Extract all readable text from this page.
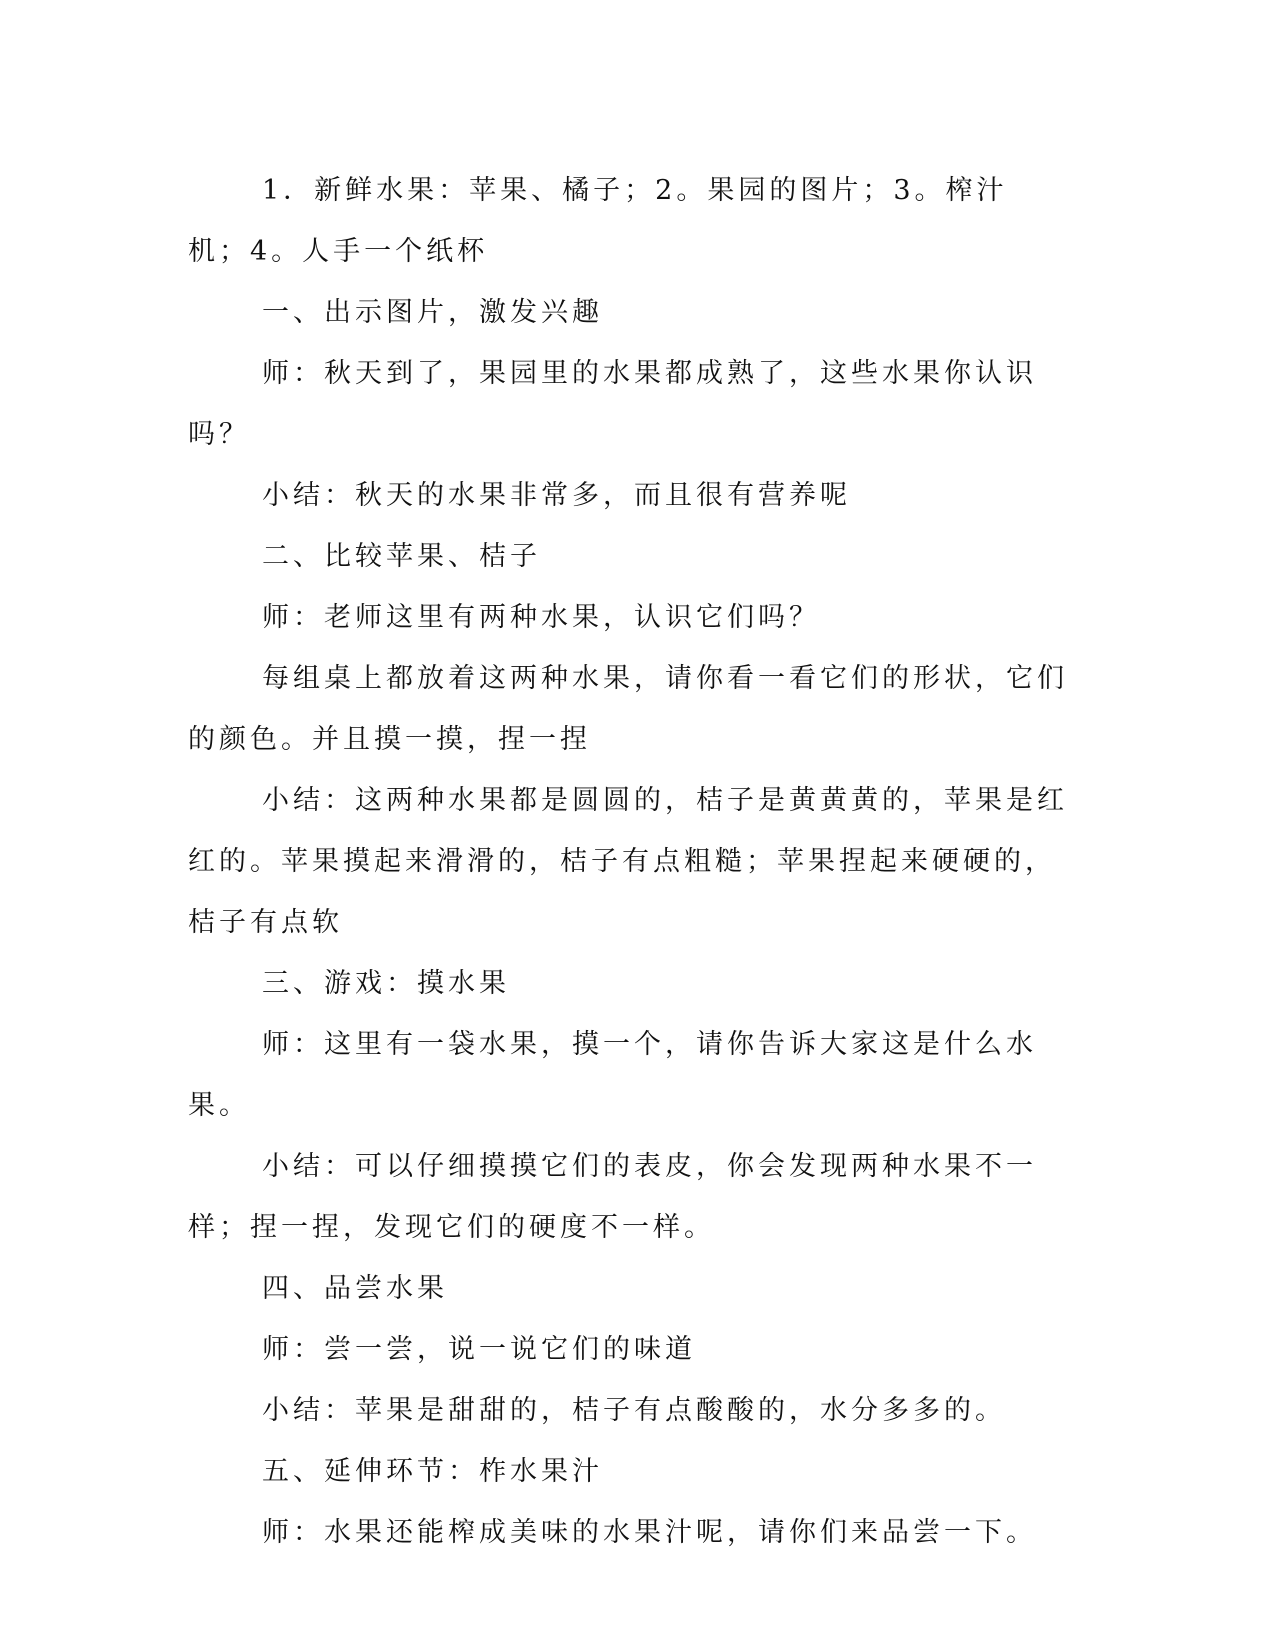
1．新鲜水果：苹果、橘子；2。果园的图片；3。榨汁机；4。人手一个纸杯

一、出示图片，激发兴趣

师：秋天到了，果园里的水果都成熟了，这些水果你认识吗？

小结：秋天的水果非常多，而且很有营养呢

二、比较苹果、桔子

师：老师这里有两种水果，认识它们吗？

每组桌上都放着这两种水果，请你看一看它们的形状，它们的颜色。并且摸一摸，捏一捏

小结：这两种水果都是圆圆的，桔子是黄黄黄的，苹果是红红的。苹果摸起来滑滑的，桔子有点粗糙；苹果捏起来硬硬的，桔子有点软

三、游戏：摸水果

师：这里有一袋水果，摸一个，请你告诉大家这是什么水果。

小结：可以仔细摸摸它们的表皮，你会发现两种水果不一样；捏一捏，发现它们的硬度不一样。

四、品尝水果

师：尝一尝，说一说它们的味道

小结：苹果是甜甜的，桔子有点酸酸的，水分多多的。

五、延伸环节：柞水果汁

师：水果还能榨成美味的水果汁呢，请你们来品尝一下。
